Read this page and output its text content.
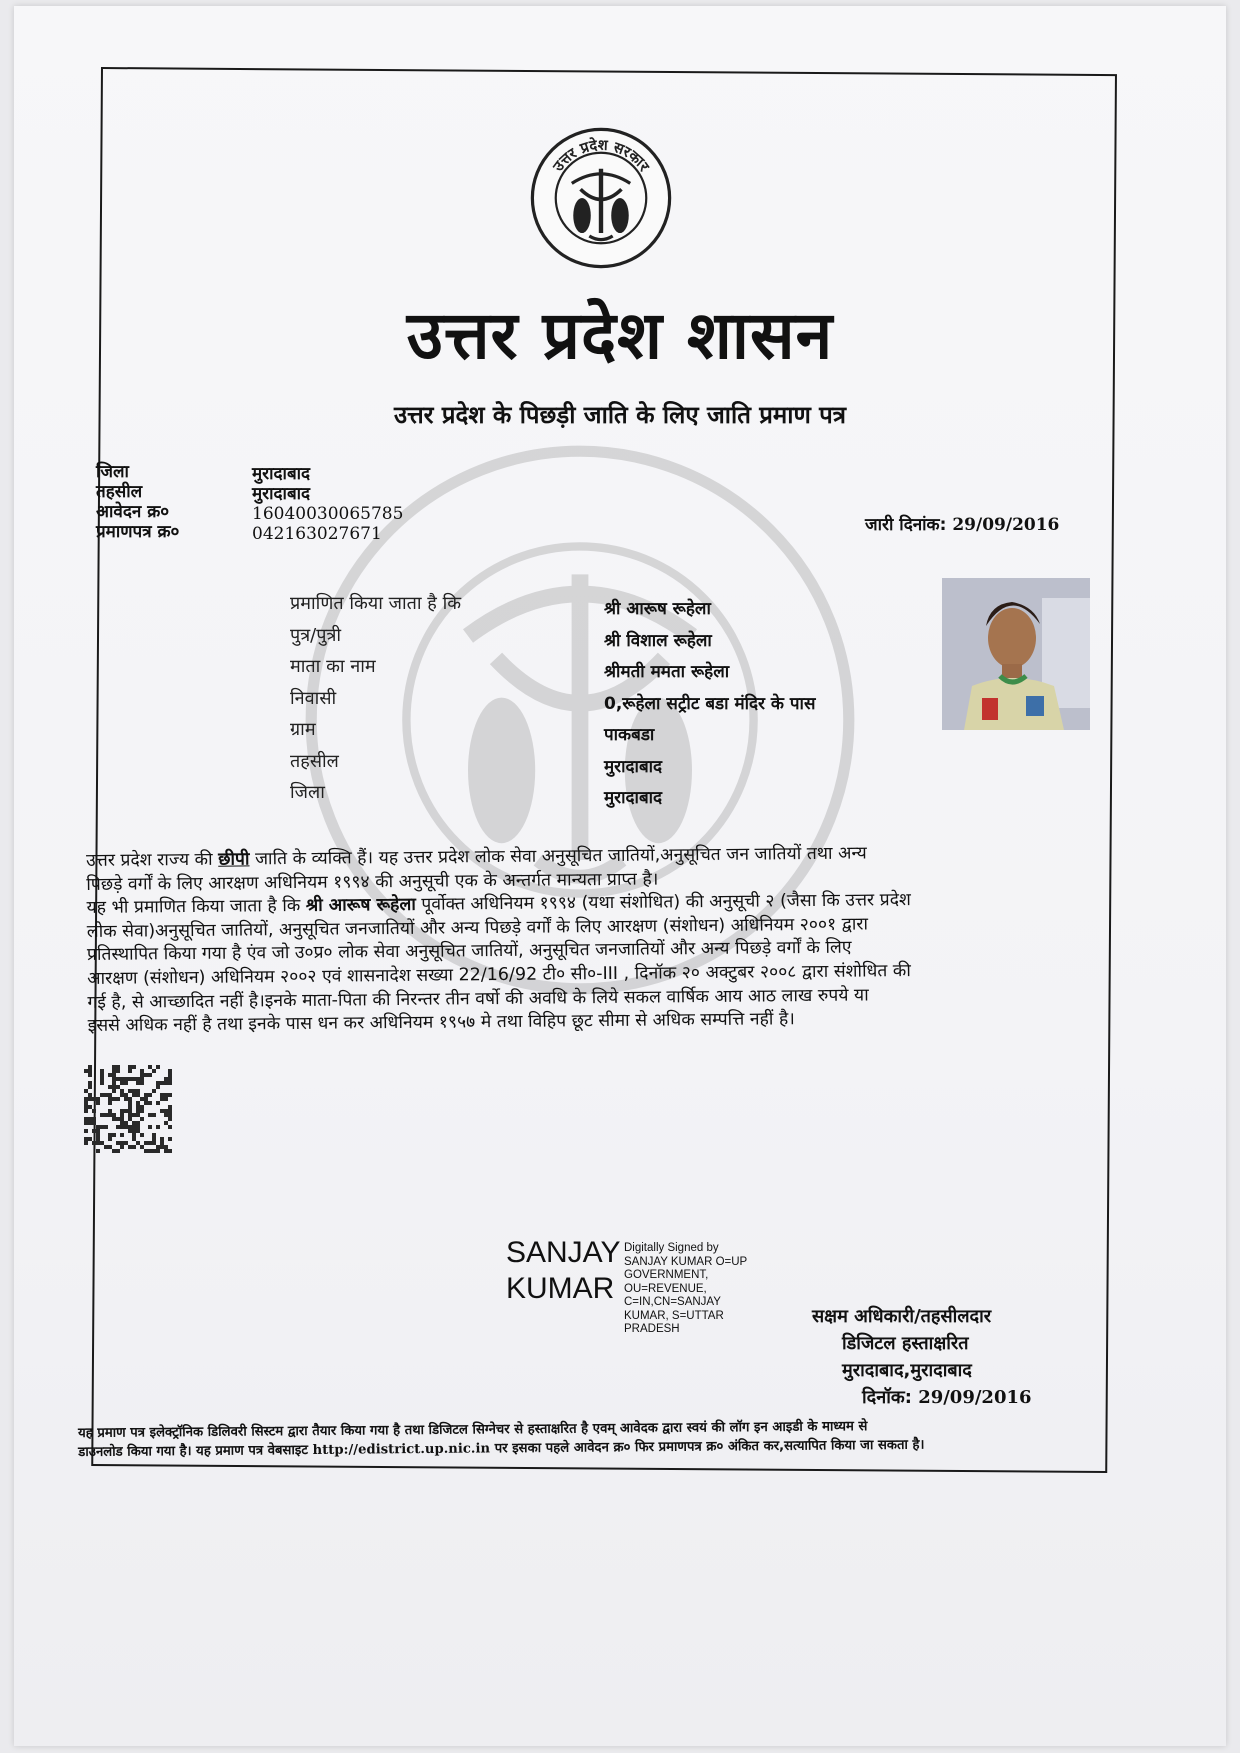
उत्तर प्रदेश सरकार
उत्तर प्रदेश शासन
उत्तर प्रदेश के पिछड़ी जाति के लिए जाति प्रमाण पत्र
जिला
तहसील
आवेदन क्र०
प्रमाणपत्र क्र०
मुरादाबाद
मुरादाबाद
16040030065785
04216302767​1	जारी दिनांक: 29/09/2016
प्रमाणित किया जाता है कि
पुत्र/पुत्री
माता का नाम
निवासी
ग्राम
तहसील
जिला
श्री आरूष रूहेला
श्री विशाल रूहेला
श्रीमती ममता रूहेला
0,रूहेला सट्रीट बडा मंदिर के पास
पाकबडा
मुरादाबाद
मुरादाबाद

उत्तर प्रदेश राज्य की छीपी जाति के व्यक्ति हैं। यह उत्तर प्रदेश लोक सेवा अनुसूचित जातियों,अनुसूचित जन जातियों तथा अन्य

पिछड़े वर्गों के लिए आरक्षण अधिनियम १९९४ की अनुसूची एक के अन्तर्गत मान्यता प्राप्त है।

यह भी प्रमाणित किया जाता है कि श्री आरूष रूहेला पूर्वोक्त अधिनियम १९९४ (यथा संशोधित) की अनुसूची २ (जैसा कि उत्तर प्रदेश

लोक सेवा)अनुसूचित जातियों, अनुसूचित जनजातियों और अन्य पिछड़े वर्गों के लिए आरक्षण (संशोधन) अधिनियम २००१ द्वारा

प्रतिस्थापित किया गया है एंव जो उ०प्र० लोक सेवा अनुसूचित जातियों, अनुसूचित जनजातियों और अन्य पिछड़े वर्गों के लिए

आरक्षण (संशोधन) अधिनियम २००२ एवं शासनादेश सख्या 22/16/92 टी० सी०-III , दिनॉक २० अक्टुबर २००८ द्वारा संशोधित की

गई है, से आच्छादित नहीं है।इनके माता-पिता की निरन्तर तीन वर्षो की अवधि के लिये सकल वार्षिक आय आठ लाख रुपये या

इससे अधिक नहीं है तथा इनके पास धन कर अधिनियम १९५७ मे तथा विहिप छूट सीमा से अधिक सम्पत्ति नहीं है।

SANJAY
KUMAR
Digitally Signed by
SANJAY KUMAR O=UP
GOVERNMENT,
OU=REVENUE,
C=IN,CN=SANJAY
KUMAR, S=UTTAR
PRADESH
सक्षम अधिकारी/तहसीलदार
डिजिटल हस्ताक्षरित
मुरादाबाद,मुरादाबाद
दिनॉक: 29/09/2016

यह प्रमाण पत्र इलेक्ट्रॉनिक डिलिवरी सिस्टम द्वारा तैयार किया गया है तथा डिजिटल सिग्नेचर से हस्ताक्षरित है एवम् आवेदक द्वारा स्वयं की लॉग इन आइडी के माध्यम से

डाउनलोड किया गया है। यह प्रमाण पत्र वेबसाइट http://edistrict.up.nic.in पर इसका पहले आवेदन क्र० फिर प्रमाणपत्र क्र० अंकित कर,सत्यापित किया जा सकता है।
